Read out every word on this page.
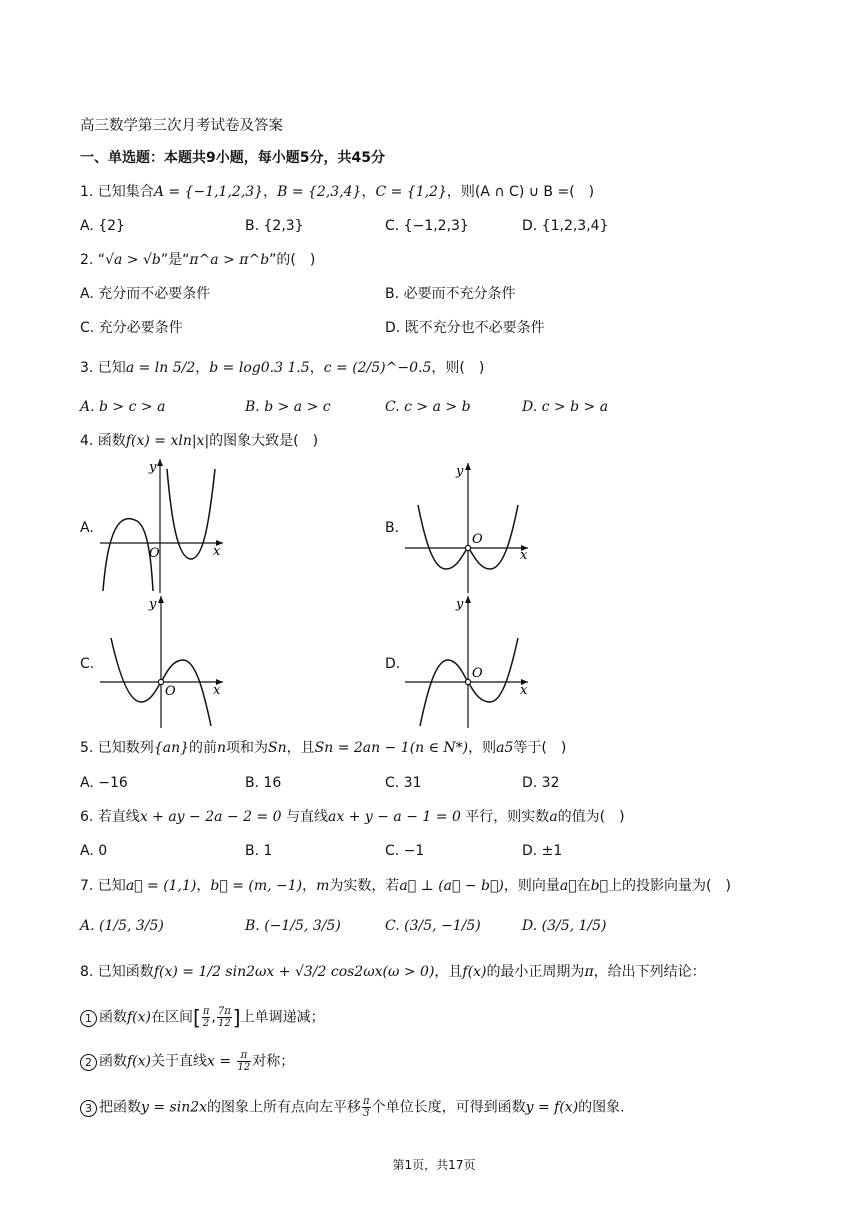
高三数学第三次月考试卷及答案
一、单选题：本题共9小题，每小题5分，共45分
1. 已知集合A = {−1,1,2,3}，B = {2,3,4}，C = {1,2}，则(A ∩ C) ∪ B =(　)
A. {2}	B. {2,3}	C. {−1,2,3}	D. {1,2,3,4}
2. “√a > √b”是“π^a > π^b”的(　)
A. 充分而不必要条件	B. 必要而不充分条件
C. 充分必要条件	D. 既不充分也不必要条件
3. 已知a = ln 5/2，b = log0.3 1.5，c = (2/5)^−0.5，则(　)
A. b > c > a	B. b > a > c	C. c > a > b	D. c > b > a
4. 函数f(x) = xln|x|的图象大致是(　)
A.	B.
C.	D.
O	x
y
O
x
y
O	x
y
O
x
y
5. 已知数列{an}的前n项和为Sn，且Sn = 2an − 1(n ∈ N*)，则a5等于(　)
A. −16	B. 16	C. 31	D. 32
6. 若直线x + ay − 2a − 2 = 0 与直线ax + y − a − 1 = 0 平行，则实数a的值为(　)
A. 0	B. 1	C. −1	D. ±1
7. 已知a⃗ = (1,1)，b⃗ = (m, −1)，m为实数，若a⃗ ⊥ (a⃗ − b⃗)，则向量a⃗在b⃗上的投影向量为(　)
A. (1/5, 3/5)	B. (−1/5, 3/5)	C. (3/5, −1/5)	D. (3/5, 1/5)
8. 已知函数f(x) = 1/2 sin2ωx + √3/2 cos2ωx(ω > 0)，且f(x)的最小正周期为π，给出下列结论：
1 函数f(x)在区间[ $\frac{\pi}{2}$ , $\frac{7\pi}{12}$ ]上单调递减；
2 函数f(x)关于直线$x = \frac{\pi}{12}$ 对称；
3 把函数y = sin2x的图象上所有点向左平移 $\frac{\pi}{3}$ 个单位长度，可得到函数y = f(x)的图象.
第1页，共17页
